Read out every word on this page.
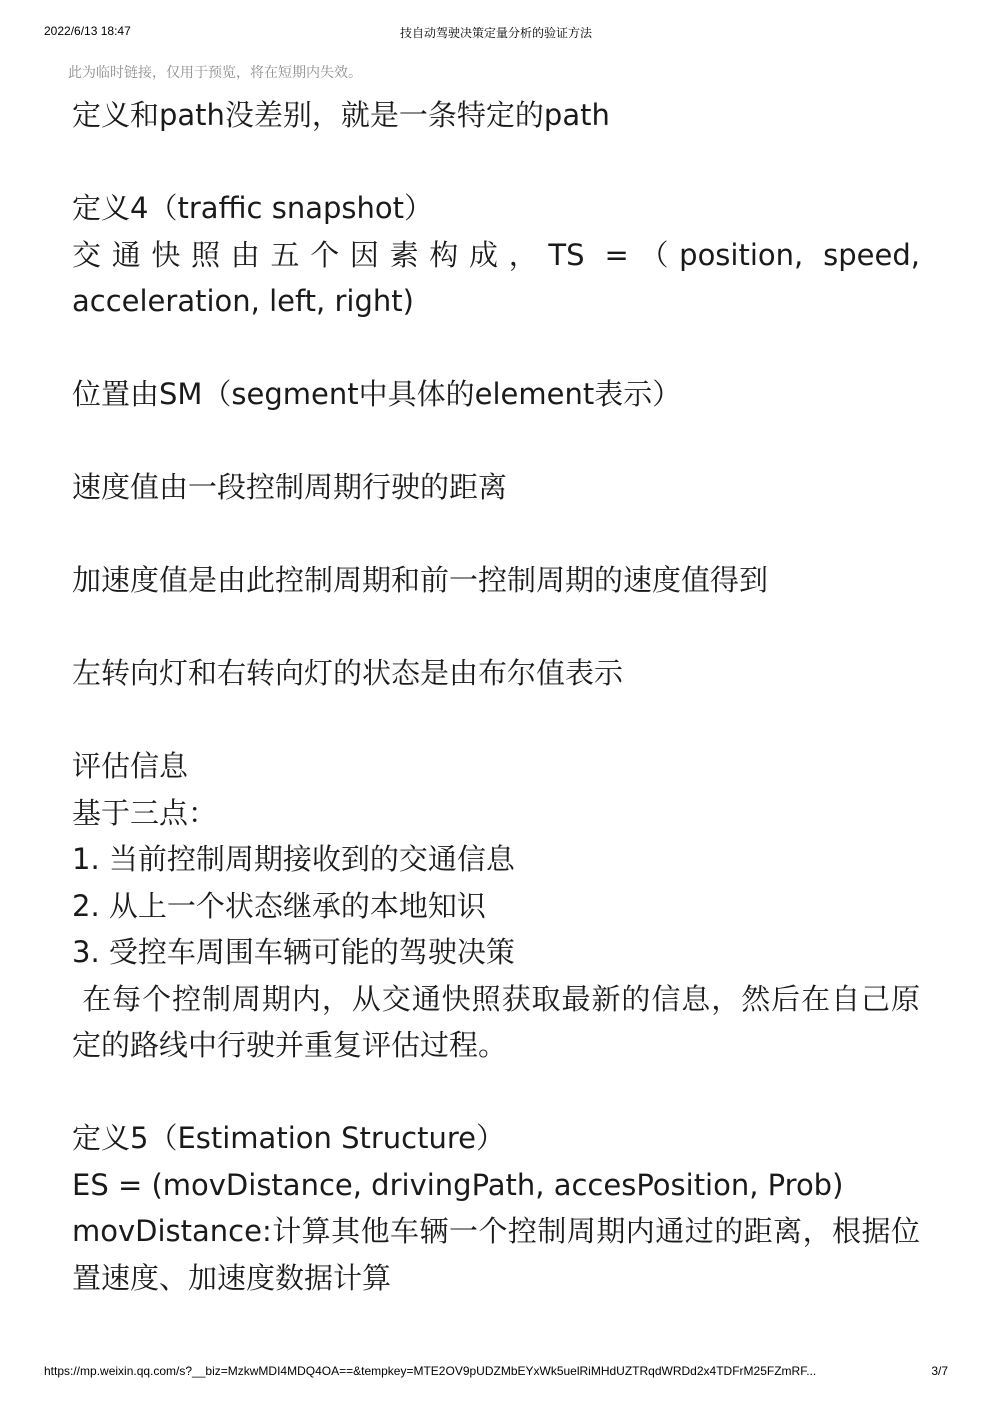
2022/6/13 18:47	技自动驾驶决策定量分析的验证方法
此为临时链接，仅用于预览，将在短期内失效。

定义和path没差别，就是一条特定的path

定义4（traffic snapshot）

交通快照由五个因素构成，TS =（position, speed, acceleration, left, right)

位置由SM（segment中具体的element表示）

速度值由一段控制周期行驶的距离

加速度值是由此控制周期和前一控制周期的速度值得到

左转向灯和右转向灯的状态是由布尔值表示

评估信息

基于三点：

1. 当前控制周期接收到的交通信息

2. 从上一个状态继承的本地知识

3. 受控车周围车辆可能的驾驶决策

在每个控制周期内，从交通快照获取最新的信息，然后在自己原定的路线中行驶并重复评估过程。

定义5（Estimation Structure）

ES = (movDistance, drivingPath, accesPosition, Prob)

movDistance:计算其他车辆一个控制周期内通过的距离，根据位置速度、加速度数据计算

https://mp.weixin.qq.com/s?__biz=MzkwMDI4MDQ4OA==&tempkey=MTE2OV9pUDZMbEYxWk5uelRiMHdUZTRqdWRDd2x4TDFrM25FZmRF...	3/7
